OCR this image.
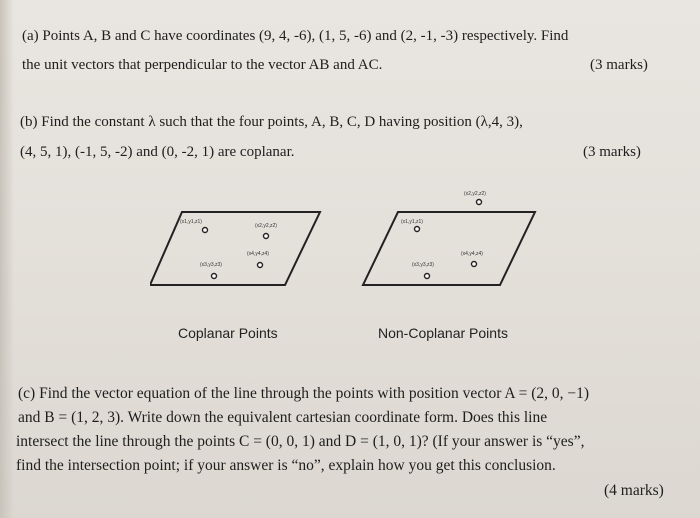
(a) Points A, B and C have coordinates (9, 4, -6), (1, 5, -6) and (2, -1, -3) respectively. Find
the unit vectors that perpendicular to the vector AB and AC.	(3 marks)
(b) Find the constant λ such that the four points, A, B, C, D having position (λ,4, 3),
(4, 5, 1), (-1, 5, -2) and (0, -2, 1) are coplanar.	(3 marks)
(x1,y1,z1)
(x2,y2,z2)
(x4,y4,z4)
(x3,y3,z3)
(x2,y2,z2)
(x1,y1,z1)
(x4,y4,z4)
(x3,y3,z3)
Coplanar Points	Non-Coplanar Points
(c) Find the vector equation of the line through the points with position vector A = (2, 0, −1)
and B = (1, 2, 3). Write down the equivalent cartesian coordinate form. Does this line
intersect the line through the points C = (0, 0, 1) and D = (1, 0, 1)? (If your answer is “yes”,
find the intersection point; if your answer is “no”, explain how you get this conclusion.
(4 marks)
